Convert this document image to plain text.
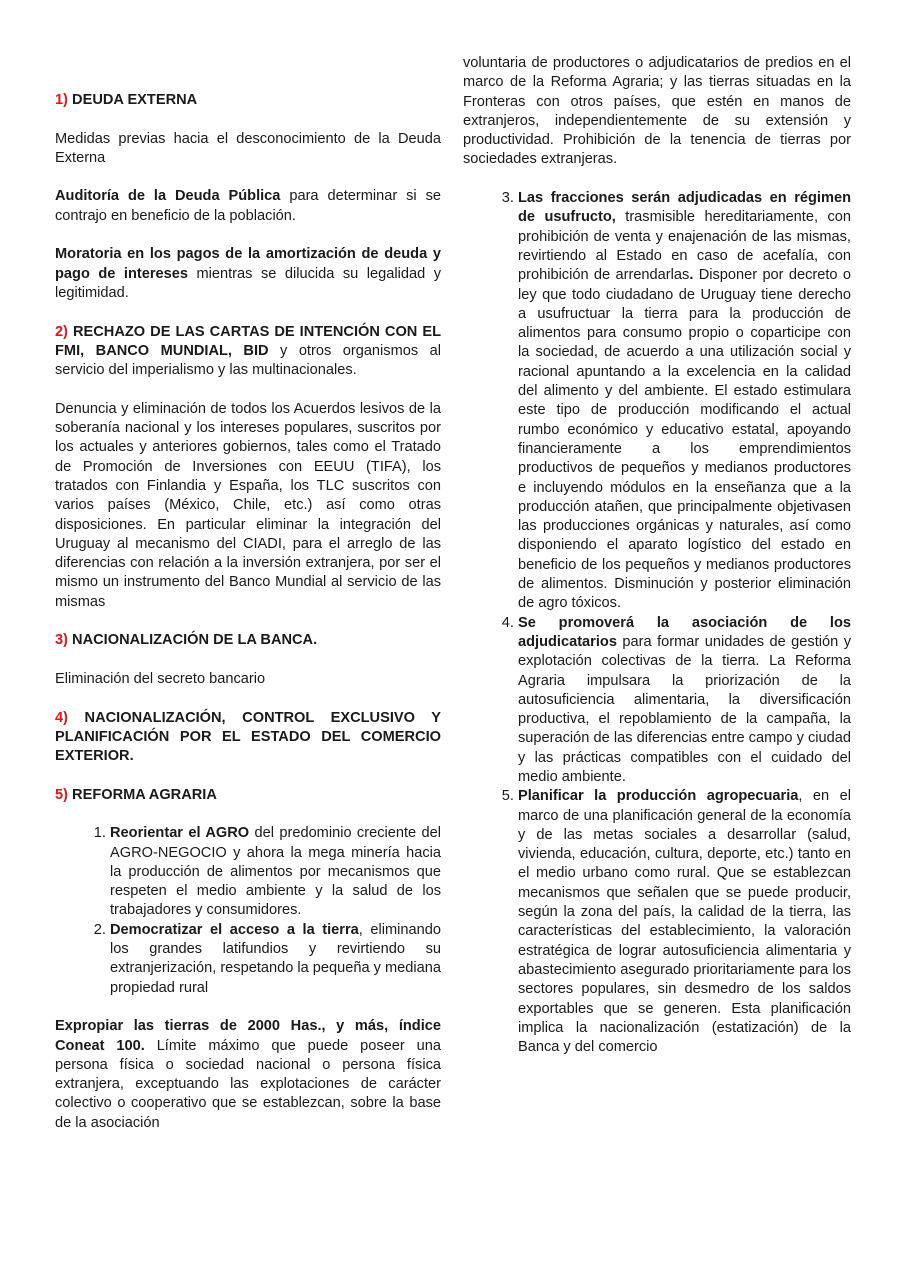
1) DEUDA EXTERNA

Medidas previas hacia el desconocimiento de la Deuda Externa

Auditoría de la Deuda Pública para determinar si se contrajo en beneficio de la población.

Moratoria en los pagos de la amortización de deuda y pago de intereses mientras se dilucida su legalidad y legitimidad.

2) RECHAZO DE LAS CARTAS DE INTENCIÓN CON EL FMI, BANCO MUNDIAL, BID y otros organismos al servicio del imperialismo y las multinacionales.

Denuncia y eliminación de todos los Acuerdos lesivos de la soberanía nacional y los intereses populares, suscritos por los actuales y anteriores gobiernos, tales como el Tratado de Promoción de Inversiones con EEUU (TIFA), los tratados con Finlandia y España, los TLC suscritos con varios países (México, Chile, etc.) así como otras disposiciones. En particular eliminar la integración del Uruguay al mecanismo del CIADI, para el arreglo de las diferencias con relación a la inversión extranjera, por ser el mismo un instrumento del Banco Mundial al servicio de las mismas

3) NACIONALIZACIÓN DE LA BANCA.

Eliminación del secreto bancario

4) NACIONALIZACIÓN, CONTROL EXCLUSIVO Y PLANIFICACIÓN POR EL ESTADO DEL COMERCIO EXTERIOR.

5) REFORMA AGRARIA

1. Reorientar el AGRO del predominio creciente del AGRO-NEGOCIO y ahora la mega minería hacia la producción de alimentos por mecanismos que respeten el medio ambiente y la salud de los trabajadores y consumidores.
2. Democratizar el acceso a la tierra, eliminando los grandes latifundios y revirtiendo su extranjerización, respetando la pequeña y mediana propiedad rural

Expropiar las tierras de 2000 Has., y más, índice Coneat 100. Límite máximo que puede poseer una persona física o sociedad nacional o persona física extranjera, exceptuando las explotaciones de carácter colectivo o cooperativo que se establezcan, sobre la base de la asociación

voluntaria de productores o adjudicatarios de predios en el marco de la Reforma Agraria; y las tierras situadas en la Fronteras con otros países, que estén en manos de extranjeros, independientemente de su extensión y productividad. Prohibición de la tenencia de tierras por sociedades extranjeras.

3. Las fracciones serán adjudicadas en régimen de usufructo, trasmisible hereditariamente, con prohibición de venta y enajenación de las mismas, revirtiendo al Estado en caso de acefalía, con prohibición de arrendarlas. Disponer por decreto o ley que todo ciudadano de Uruguay tiene derecho a usufructuar la tierra para la producción de alimentos para consumo propio o coparticipe con la sociedad, de acuerdo a una utilización social y racional apuntando a la excelencia en la calidad del alimento y del ambiente. El estado estimulara este tipo de producción modificando el actual rumbo económico y educativo estatal, apoyando financieramente a los emprendimientos productivos de pequeños y medianos productores e incluyendo módulos en la enseñanza que a la producción atañen, que principalmente objetivasen las producciones orgánicas y naturales, así como disponiendo el aparato logístico del estado en beneficio de los pequeños y medianos productores de alimentos. Disminución y posterior eliminación de agro tóxicos.
4. Se promoverá la asociación de los adjudicatarios para formar unidades de gestión y explotación colectivas de la tierra. La Reforma Agraria impulsara la priorización de la autosuficiencia alimentaria, la diversificación productiva, el repoblamiento de la campaña, la superación de las diferencias entre campo y ciudad y las prácticas compatibles con el cuidado del medio ambiente.
5. Planificar la producción agropecuaria, en el marco de una planificación general de la economía y de las metas sociales a desarrollar (salud, vivienda, educación, cultura, deporte, etc.) tanto en el medio urbano como rural. Que se establezcan mecanismos que señalen que se puede producir, según la zona del país, la calidad de la tierra, las características del establecimiento, la valoración estratégica de lograr autosuficiencia alimentaria y abastecimiento asegurado prioritariamente para los sectores populares, sin desmedro de los saldos exportables que se generen. Esta planificación implica la nacionalización (estatización) de la Banca y del comercio
